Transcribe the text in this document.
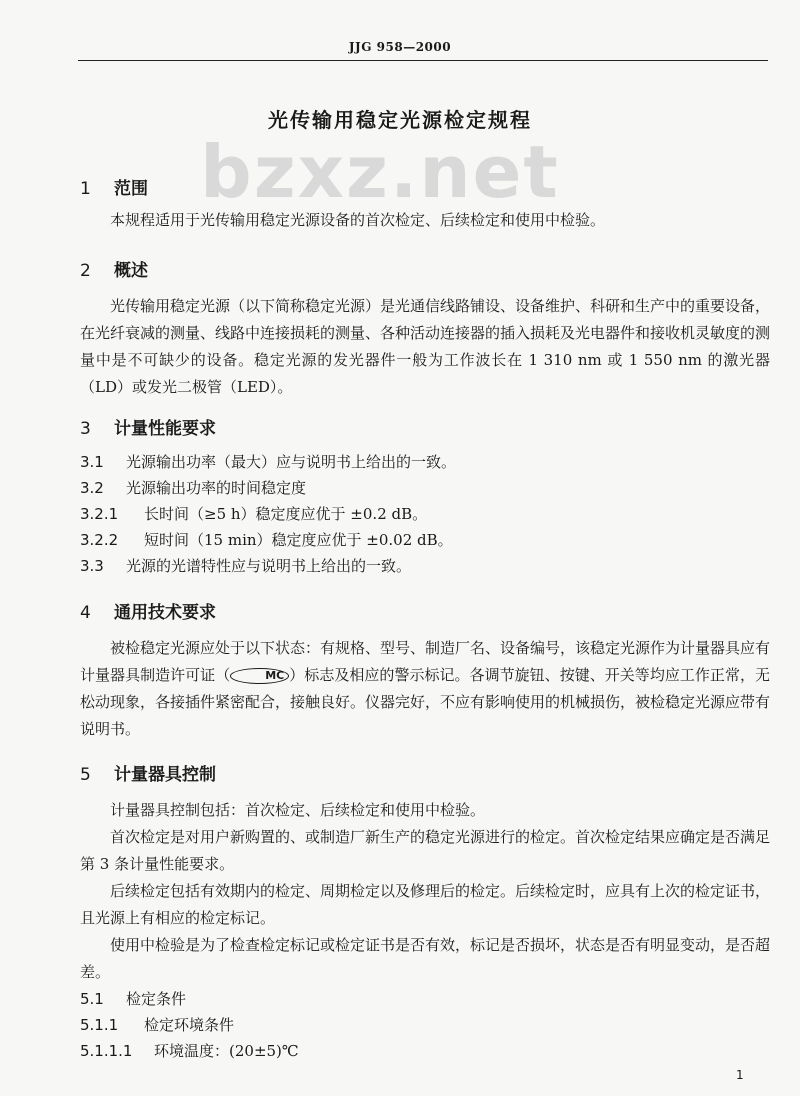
JJG 958—2000
bzxz.net
光传输用稳定光源检定规程
1 范围
本规程适用于光传输用稳定光源设备的首次检定、后续检定和使用中检验。
2 概述
光传输用稳定光源（以下简称稳定光源）是光通信线路铺设、设备维护、科研和生产中的重要设备，在光纤衰减的测量、线路中连接损耗的测量、各种活动连接器的插入损耗及光电器件和接收机灵敏度的测量中是不可缺少的设备。稳定光源的发光器件一般为工作波长在 1 310 nm 或 1 550 nm 的激光器（LD）或发光二极管（LED）。
3 计量性能要求
3.1 光源输出功率（最大）应与说明书上给出的一致。
3.2 光源输出功率的时间稳定度
3.2.1 长时间（≥5 h）稳定度应优于 ±0.2 dB。
3.2.2 短时间（15 min）稳定度应优于 ±0.02 dB。
3.3 光源的光谱特性应与说明书上给出的一致。
4 通用技术要求
被检稳定光源应处于以下状态：有规格、型号、制造厂名、设备编号，该稳定光源作为计量器具应有计量器具制造许可证（	MC ）标志及相应的警示标记。各调节旋钮、按键、开关等均应工作正常，无松动现象，各接插件紧密配合，接触良好。仪器完好，不应有影响使用的机械损伤，被检稳定光源应带有说明书。
5 计量器具控制
计量器具控制包括：首次检定、后续检定和使用中检验。
首次检定是对用户新购置的、或制造厂新生产的稳定光源进行的检定。首次检定结果应确定是否满足第 3 条计量性能要求。
后续检定包括有效期内的检定、周期检定以及修理后的检定。后续检定时，应具有上次的检定证书，且光源上有相应的检定标记。
使用中检验是为了检查检定标记或检定证书是否有效，标记是否损坏，状态是否有明显变动，是否超差。
5.1 检定条件
5.1.1 检定环境条件
5.1.1.1 环境温度：(20±5)℃
1
